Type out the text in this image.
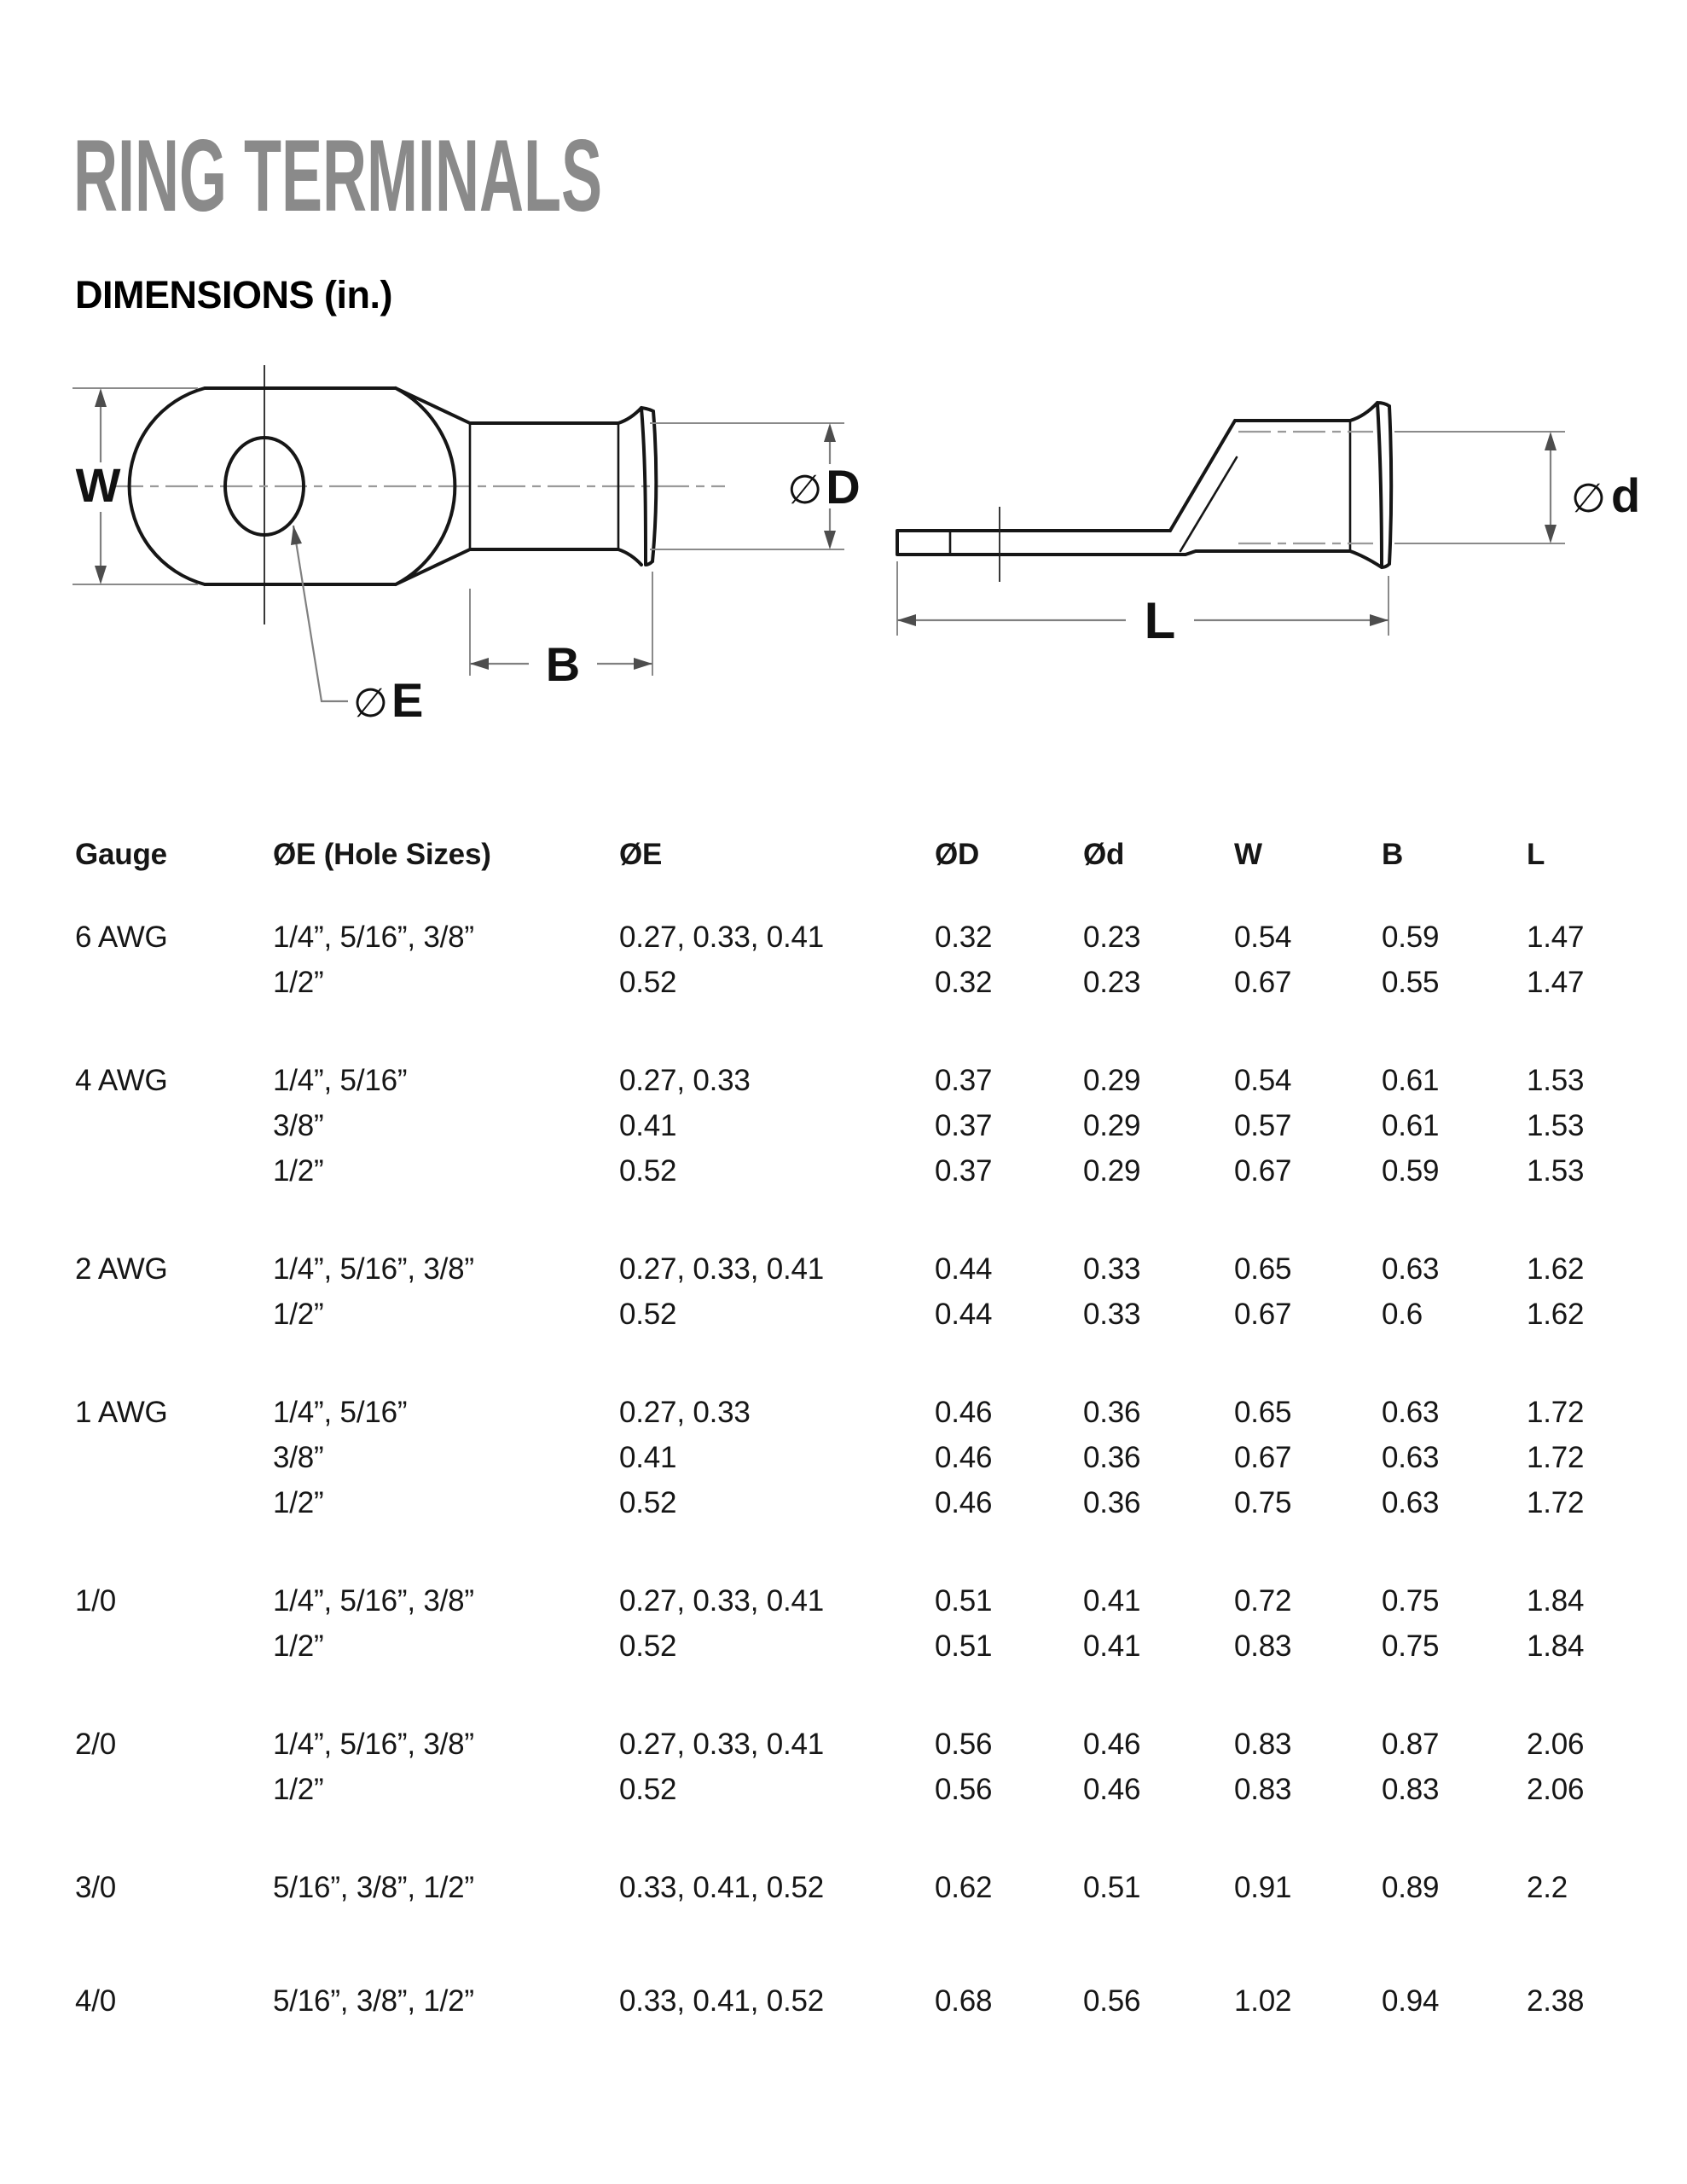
RING TERMINALS
DIMENSIONS (in.)
W	∅D
B
∅E
∅ d
L
Gauge	ØE (Hole Sizes)	ØE	ØD	Ød	W	B	L
6 AWG	1/4”, 5/16”, 3/8”	0.27, 0.33, 0.41	0.32	0.23	0.54	0.59	1.47
1/2”	0.52	0.32	0.23	0.67	0.55	1.47
4 AWG	1/4”, 5/16”	0.27, 0.33	0.37	0.29	0.54	0.61	1.53
3/8”	0.41	0.37	0.29	0.57	0.61	1.53
1/2”	0.52	0.37	0.29	0.67	0.59	1.53
2 AWG	1/4”, 5/16”, 3/8”	0.27, 0.33, 0.41	0.44	0.33	0.65	0.63	1.62
1/2”	0.52	0.44	0.33	0.67	0.6	1.62
1 AWG	1/4”, 5/16”	0.27, 0.33	0.46	0.36	0.65	0.63	1.72
3/8”	0.41	0.46	0.36	0.67	0.63	1.72
1/2”	0.52	0.46	0.36	0.75	0.63	1.72
1/0	1/4”, 5/16”, 3/8”	0.27, 0.33, 0.41	0.51	0.41	0.72	0.75	1.84
1/2”	0.52	0.51	0.41	0.83	0.75	1.84
2/0	1/4”, 5/16”, 3/8”	0.27, 0.33, 0.41	0.56	0.46	0.83	0.87	2.06
1/2”	0.52	0.56	0.46	0.83	0.83	2.06
3/0	5/16”, 3/8”, 1/2”	0.33, 0.41, 0.52	0.62	0.51	0.91	0.89	2.2
4/0	5/16”, 3/8”, 1/2”	0.33, 0.41, 0.52	0.68	0.56	1.02	0.94	2.38
